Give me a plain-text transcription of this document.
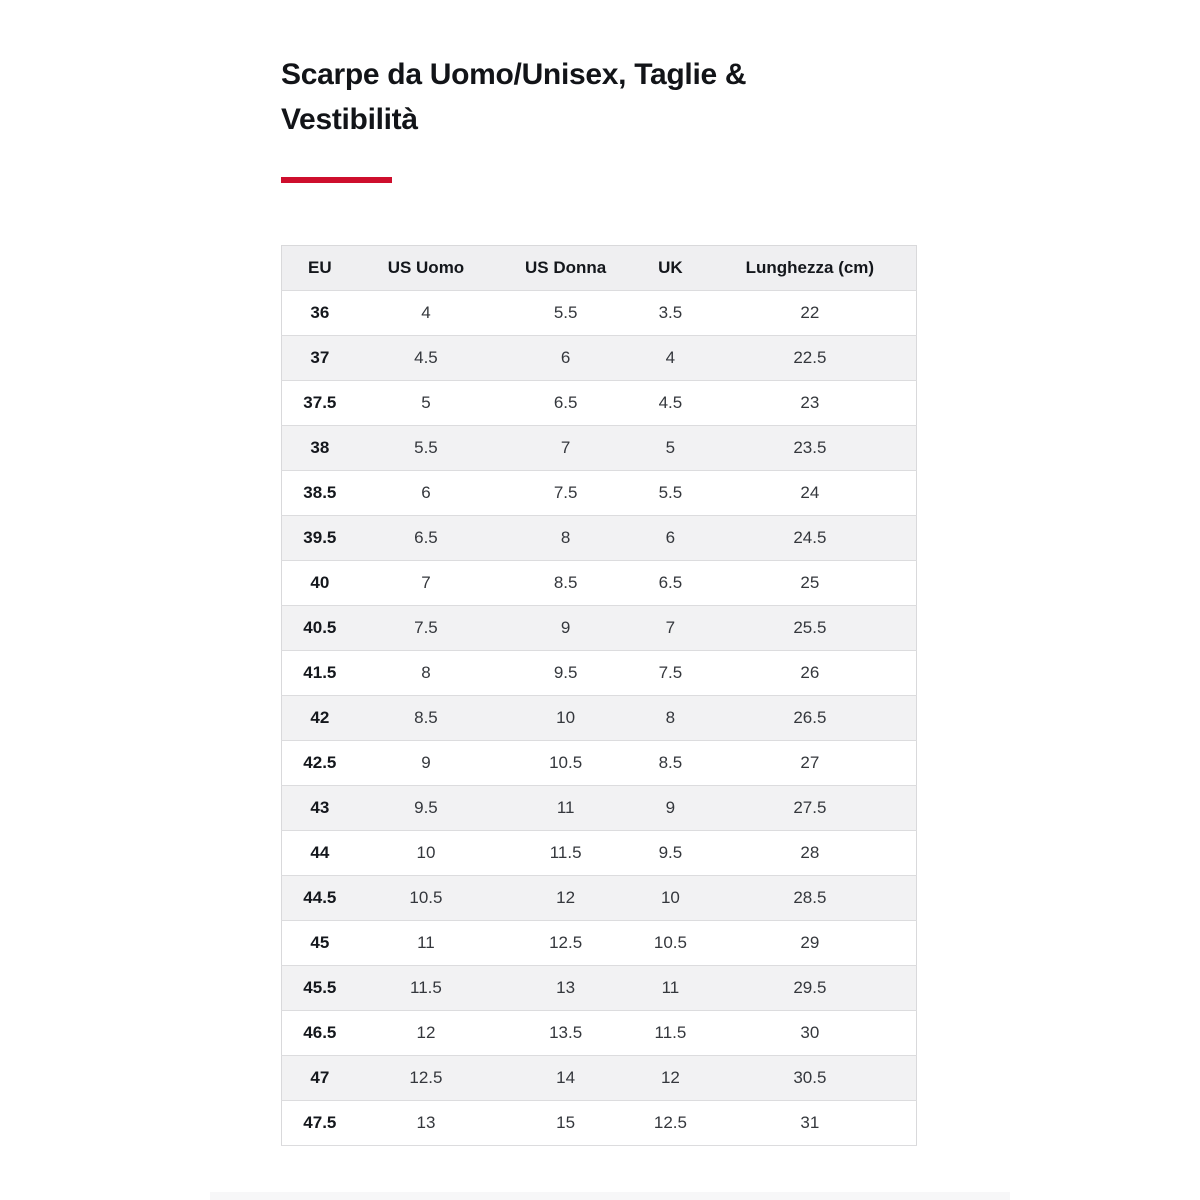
Scarpe da Uomo/Unisex, Taglie &
Vestibilità
EU	US Uomo	US Donna	UK	Lunghezza (cm)
36	4	5.5	3.5	22
37	4.5	6	4	22.5
37.5	5	6.5	4.5	23
38	5.5	7	5	23.5
38.5	6	7.5	5.5	24
39.5	6.5	8	6	24.5
40	7	8.5	6.5	25
40.5	7.5	9	7	25.5
41.5	8	9.5	7.5	26
42	8.5	10	8	26.5
42.5	9	10.5	8.5	27
43	9.5	11	9	27.5
44	10	11.5	9.5	28
44.5	10.5	12	10	28.5
45	11	12.5	10.5	29
45.5	11.5	13	11	29.5
46.5	12	13.5	11.5	30
47	12.5	14	12	30.5
47.5	13	15	12.5	31
